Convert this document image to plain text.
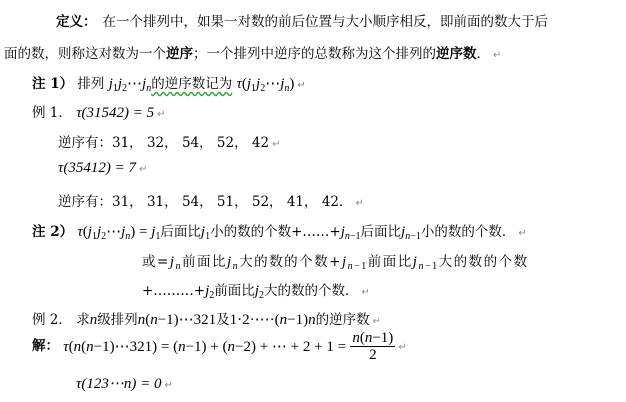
定义： 在一个排列中，如果一对数的前后位置与大小顺序相反，即前面的数大于后
面的数，则称这对数为一个逆序；一个排列中逆序的总数称为这个排列的逆序数． ↵
注 1） 排列 $j_1j_2\cdots j_n$的逆序数记为 $\tau(j_1j_2\cdots j_n)$ ↵
例 1． τ(31542) = 5 ↵
逆序有：31， 32， 54， 52， 42 ↵
τ(35412) = 7 ↵
逆序有：31， 31， 54， 51， 52， 41， 42． ↵
注 2） $\tau(j_1j_2\cdots j_n) = j_1$后面比$j_1$小的数的个数$+\dots\dots+j_{n-1}$后面比$j_{n-1}$小的数的个数． ↵
或$=j_n$前面比$j_n$大的数的个数$+j_{n-1}$前面比$j_{n-1}$大的数的个数
$+\dots\dots\dots+j_2$前面比$j_2$大的数的个数． ↵
例 2． 求n级排列n(n−1)⋯321及1·2·⋯·(n−1)n的逆序数 ↵
解： τ(n(n−1)⋯321) = (n−1) + (n−2) + ⋯ + $2 + 1 = \frac{n(n-1)}{2}$ ↵
τ(123⋯n) = 0 ↵
